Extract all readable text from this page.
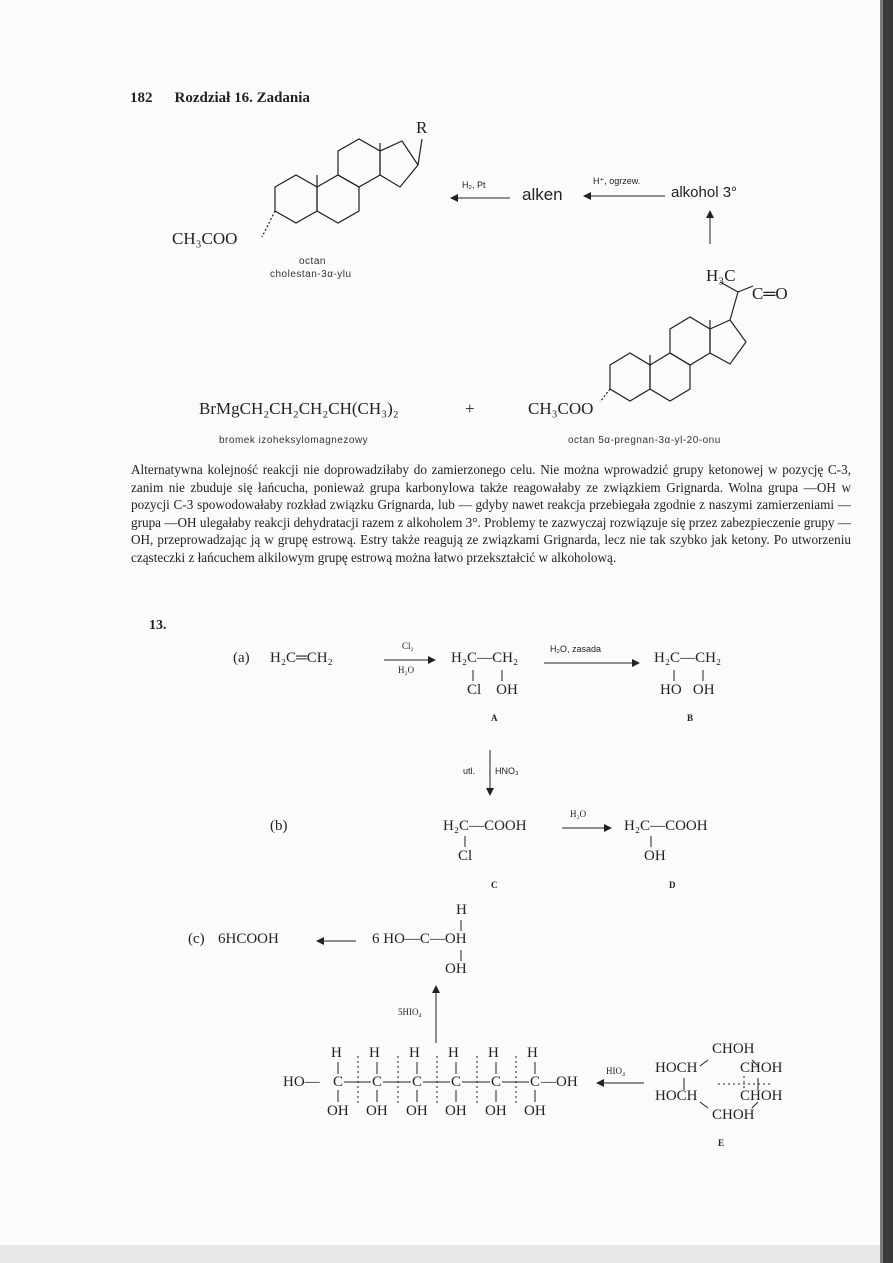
182 Rozdział 16. Zadania
R
CH₃COO
octan
cholestan-3α-ylu
H₂, Pt alken
H⁺, ogrzew.
alkohol 3°
H₃C
C═O
BrMgCH₂CH₂CH₂CH(CH₃)₂	+	CH₃COO
bromek izoheksylomagnezowy	octan 5α-pregnan-3α-yl-20-onu

Alternatywna kolejność reakcji nie doprowadziłaby do zamierzonego celu. Nie można wprowadzić grupy ketonowej w pozycję C-3, zanim nie zbuduje się łańcucha, ponieważ grupa karbonylowa także reagowałaby ze związkiem Grignarda. Wolna grupa —OH w pozycji C-3 spowodowałaby rozkład związku Grignarda, lub — gdyby nawet reakcja przebiegała zgodnie z naszymi zamierzeniami — grupa —OH ulegałaby reakcji dehydratacji razem z alkoholem 3°. Problemy te zazwyczaj rozwiązuje się przez zabezpieczenie grupy —OH, przeprowadzając ją w grupę estrową. Estry także reagują ze związkami Grignarda, lecz nie tak szybko jak ketony. Po utworzeniu cząsteczki z łańcuchem alkilowym grupę estrową można łatwo przekształcić w alkoholową.

13.
(a) H₂C═CH₂
Cl₂
H₂O
H₂C—CH₂
Cl    OH
A
H₂O, zasada
H₂C—CH₂
HO   OH
B
utl. HNO₃
(b)	H₂C—COOH
Cl
C
H₂O
H₂C—COOH
OH
D
H
(c) 6HCOOH	6 HO—C—OH
OH
5HIO₄
H H H H H H
HO— C C C C C C —OH
OH OH OH OH OH OH
HIO₄
CHOH
HOCH	CHOH
HOCH	CHOH
CHOH
E
